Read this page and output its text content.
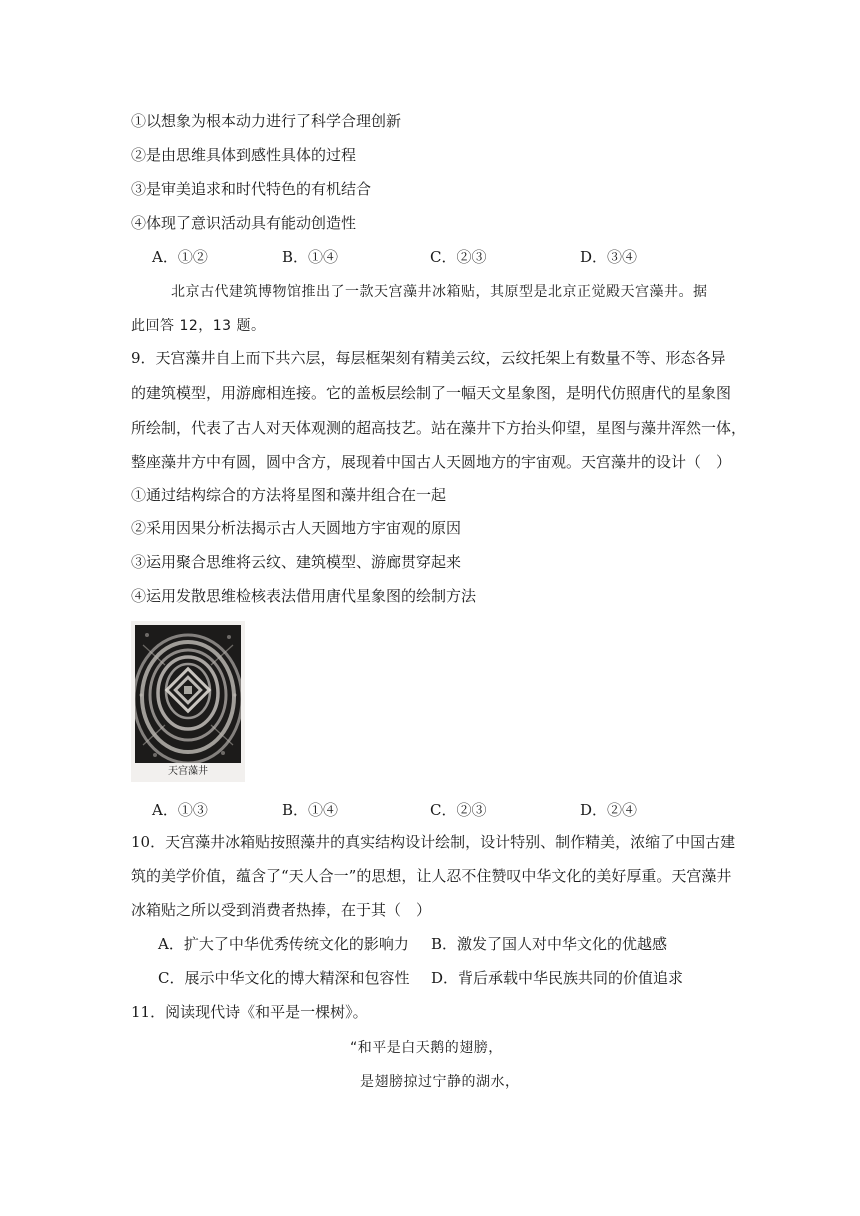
①以想象为根本动力进行了科学合理创新
②是由思维具体到感性具体的过程
③是审美追求和时代特色的有机结合
④体现了意识活动具有能动创造性
A．①②	B．①④	C．②③	D．③④
北京古代建筑博物馆推出了一款天宫藻井冰箱贴，其原型是北京正觉殿天宫藻井。据
此回答 12，13 题。
9．天宫藻井自上而下共六层，每层框架刻有精美云纹，云纹托架上有数量不等、形态各异
的建筑模型，用游廊相连接。它的盖板层绘制了一幅天文星象图，是明代仿照唐代的星象图
所绘制，代表了古人对天体观测的超高技艺。站在藻井下方抬头仰望，星图与藻井浑然一体，
整座藻井方中有圆，圆中含方，展现着中国古人天圆地方的宇宙观。天宫藻井的设计（　）
①通过结构综合的方法将星图和藻井组合在一起
②采用因果分析法揭示古人天圆地方宇宙观的原因
③运用聚合思维将云纹、建筑模型、游廊贯穿起来
④运用发散思维检核表法借用唐代星象图的绘制方法
天宫藻井
A．①③	B．①④	C．②③	D．②④
10．天宫藻井冰箱贴按照藻井的真实结构设计绘制，设计特别、制作精美，浓缩了中国古建
筑的美学价值，蕴含了“天人合一”的思想，让人忍不住赞叹中华文化的美好厚重。天宫藻井
冰箱贴之所以受到消费者热捧，在于其（　）
A．扩大了中华优秀传统文化的影响力 B．激发了国人对中华文化的优越感
C．展示中华文化的博大精深和包容性 D．背后承载中华民族共同的价值追求
11．阅读现代诗《和平是一棵树》。
“和平是白天鹅的翅膀，
是翅膀掠过宁静的湖水，
